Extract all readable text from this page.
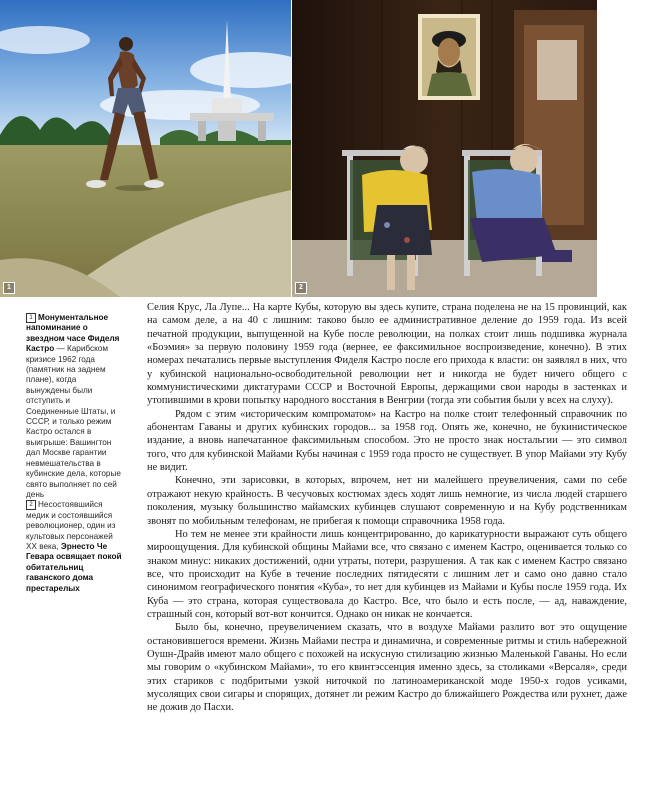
1	2

1 Монументальное напоминание о звездном часе Фиделя Кастро — Карибском кризисе 1962 года (памятник на заднем плане), когда вынуждены были отступить и Соединенные Штаты, и СССР, и только режим Кастро остался в выигрыше: Вашингтон дал Москве гарантии невмешательства в кубинские дела, которые свято выполняет по сей день

2 Несостоявшийся медик и состоявшийся революционер, один из культовых персонажей XX века, Эрнесто Че Гевара освящает покой обитательниц гаванского дома престарелых

Селия Крус, Ла Лупе... На карте Кубы, которую вы здесь купите, страна поделена не на 15 провинций, как на самом деле, а на 40 с лишним: таково было ее административное деление до 1959 года. Из всей печатной продукции, выпущенной на Кубе после революции, на полках стоит лишь подшивка журнала «Боэмия» за первую половину 1959 года (вернее, ее факсимильное воспроизведение, конечно). В этих номерах печатались первые выступления Фиделя Кастро после его прихода к власти: он заявлял в них, что у кубинской национально-освободительной революции нет и никогда не будет ничего общего с коммунистическими диктатурами СССР и Восточной Европы, держащими свои народы в застенках и утопившими в крови попытку народного восстания в Венгрии (тогда эти события были у всех на слуху).

Рядом с этим «историческим компроматом» на Кастро на полке стоит телефонный справочник по абонентам Гаваны и других кубинских городов... за 1958 год. Опять же, конечно, не букинистическое издание, а вновь напечатанное факсимильным способом. Это не просто знак ностальгии — это символ того, что для кубинской Майами Кубы начиная с 1959 года просто не существует. В упор Майами эту Кубу не видит.

Конечно, эти зарисовки, в которых, впрочем, нет ни малейшего преувеличения, сами по себе отражают некую крайность. В чесучовых костюмах здесь ходят лишь немногие, из числа людей старшего поколения, музыку большинство майамских кубинцев слушают современную и на Кубу родственникам звонят по мобильным телефонам, не прибегая к помощи справочника 1958 года.

Но тем не менее эти крайности лишь концентрированно, до карикатурности выражают суть общего мироощущения. Для кубинской общины Майами все, что связано с именем Кастро, оценивается только со знаком минус: никаких достижений, одни утраты, потери, разрушения. А так как с именем Кастро связано все, что происходит на Кубе в течение последних пятидесяти с лишним лет и само оно давно стало синонимом географического понятия «Куба», то нет для кубинцев из Майами и Кубы после 1959 года. Их Куба — это страна, которая существовала до Кастро. Все, что было и есть после, — ад, наваждение, страшный сон, который вот-вот кончится. Однако он никак не кончается.

Было бы, конечно, преувеличением сказать, что в воздухе Майами разлито вот это ощущение остановившегося времени. Жизнь Майами пестра и динамична, и современные ритмы и стиль набережной Оушн-Драйв имеют мало общего с похожей на искусную стилизацию жизнью Маленькой Гаваны. Но если мы говорим о «кубинском Майами», то его квинтэссенция именно здесь, за столиками «Версаля», среди этих стариков с подбритыми узкой ниточкой по латиноамериканской моде 1950-х годов усиками, мусолящих свои сигары и спорящих, дотянет ли режим Кастро до ближайшего Рождества или рухнет, даже не дожив до Пасхи.
